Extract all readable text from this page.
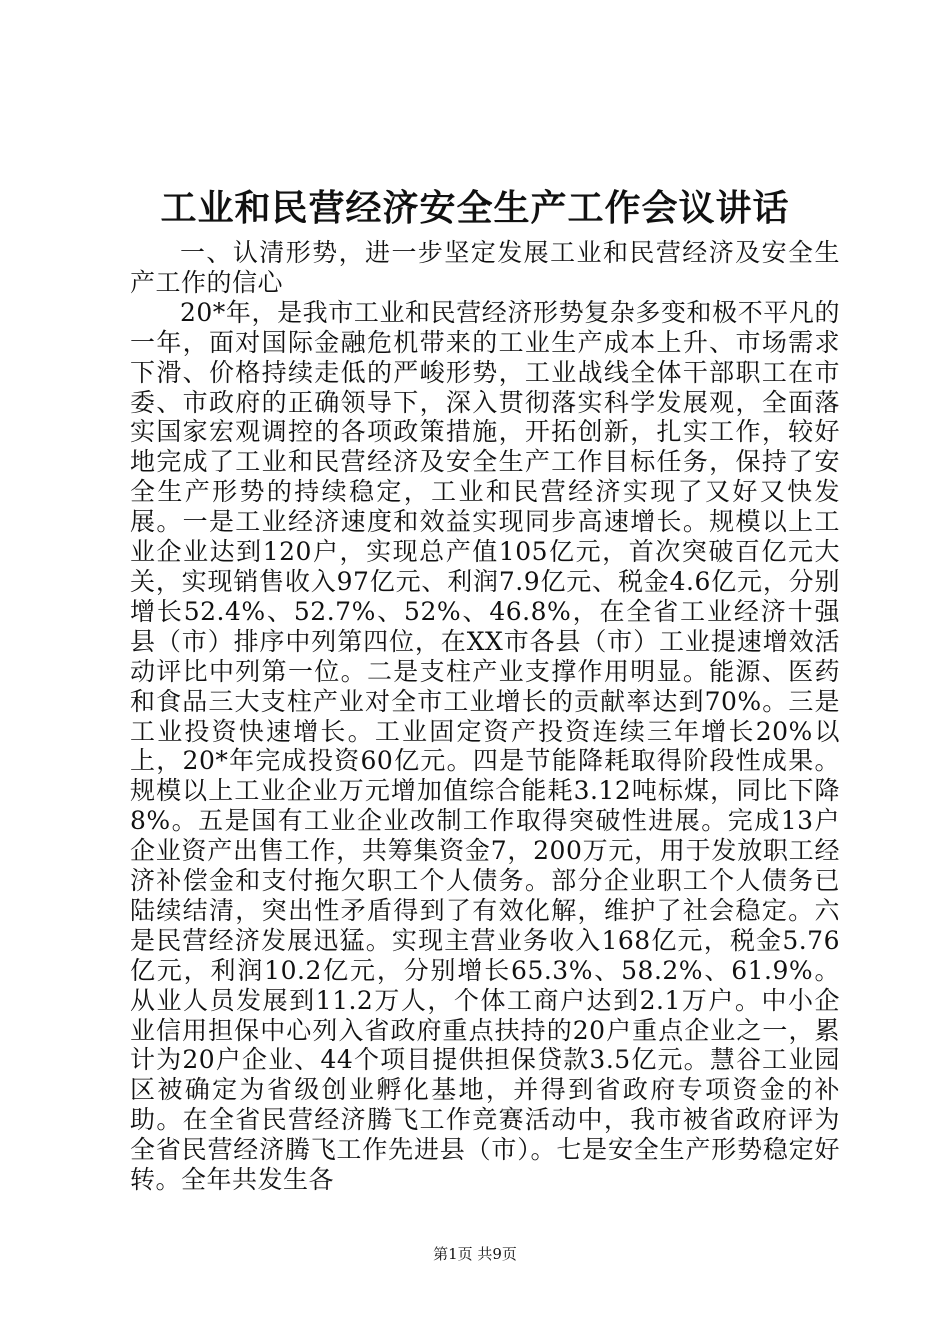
工业和民营经济安全生产工作会议讲话

一、认清形势，进一步坚定发展工业和民营经济及安全生产工作的信心

20*年，是我市工业和民营经济形势复杂多变和极不平凡的一年，面对国际金融危机带来的工业生产成本上升、市场需求下滑、价格持续走低的严峻形势，工业战线全体干部职工在市委、市政府的正确领导下，深入贯彻落实科学发展观，全面落实国家宏观调控的各项政策措施，开拓创新，扎实工作，较好地完成了工业和民营经济及安全生产工作目标任务，保持了安全生产形势的持续稳定，工业和民营经济实现了又好又快发展。一是工业经济速度和效益实现同步高速增长。规模以上工业企业达到120户，实现总产值105亿元，首次突破百亿元大关，实现销售收入97亿元、利润7.9亿元、税金4.6亿元，分别增长52.4%、52.7%、52%、46.8%，在全省工业经济十强县（市）排序中列第四位，在XX市各县（市）工业提速增效活动评比中列第一位。二是支柱产业支撑作用明显。能源、医药和食品三大支柱产业对全市工业增长的贡献率达到70%。三是工业投资快速增长。工业固定资产投资连续三年增长20%以上，20*年完成投资60亿元。四是节能降耗取得阶段性成果。规模以上工业企业万元增加值综合能耗3.12吨标煤，同比下降8%。五是国有工业企业改制工作取得突破性进展。完成13户企业资产出售工作，共筹集资金7，200万元，用于发放职工经济补偿金和支付拖欠职工个人债务。部分企业职工个人债务已陆续结清，突出性矛盾得到了有效化解，维护了社会稳定。六是民营经济发展迅猛。实现主营业务收入168亿元，税金5.76亿元，利润10.2亿元，分别增长65.3%、58.2%、61.9%。从业人员发展到11.2万人，个体工商户达到2.1万户。中小企业信用担保中心列入省政府重点扶持的20户重点企业之一，累计为20户企业、44个项目提供担保贷款3.5亿元。慧谷工业园区被确定为省级创业孵化基地，并得到省政府专项资金的补助。在全省民营经济腾飞工作竞赛活动中，我市被省政府评为全省民营经济腾飞工作先进县（市）。七是安全生产形势稳定好转。全年共发生各

第1页 共9页
